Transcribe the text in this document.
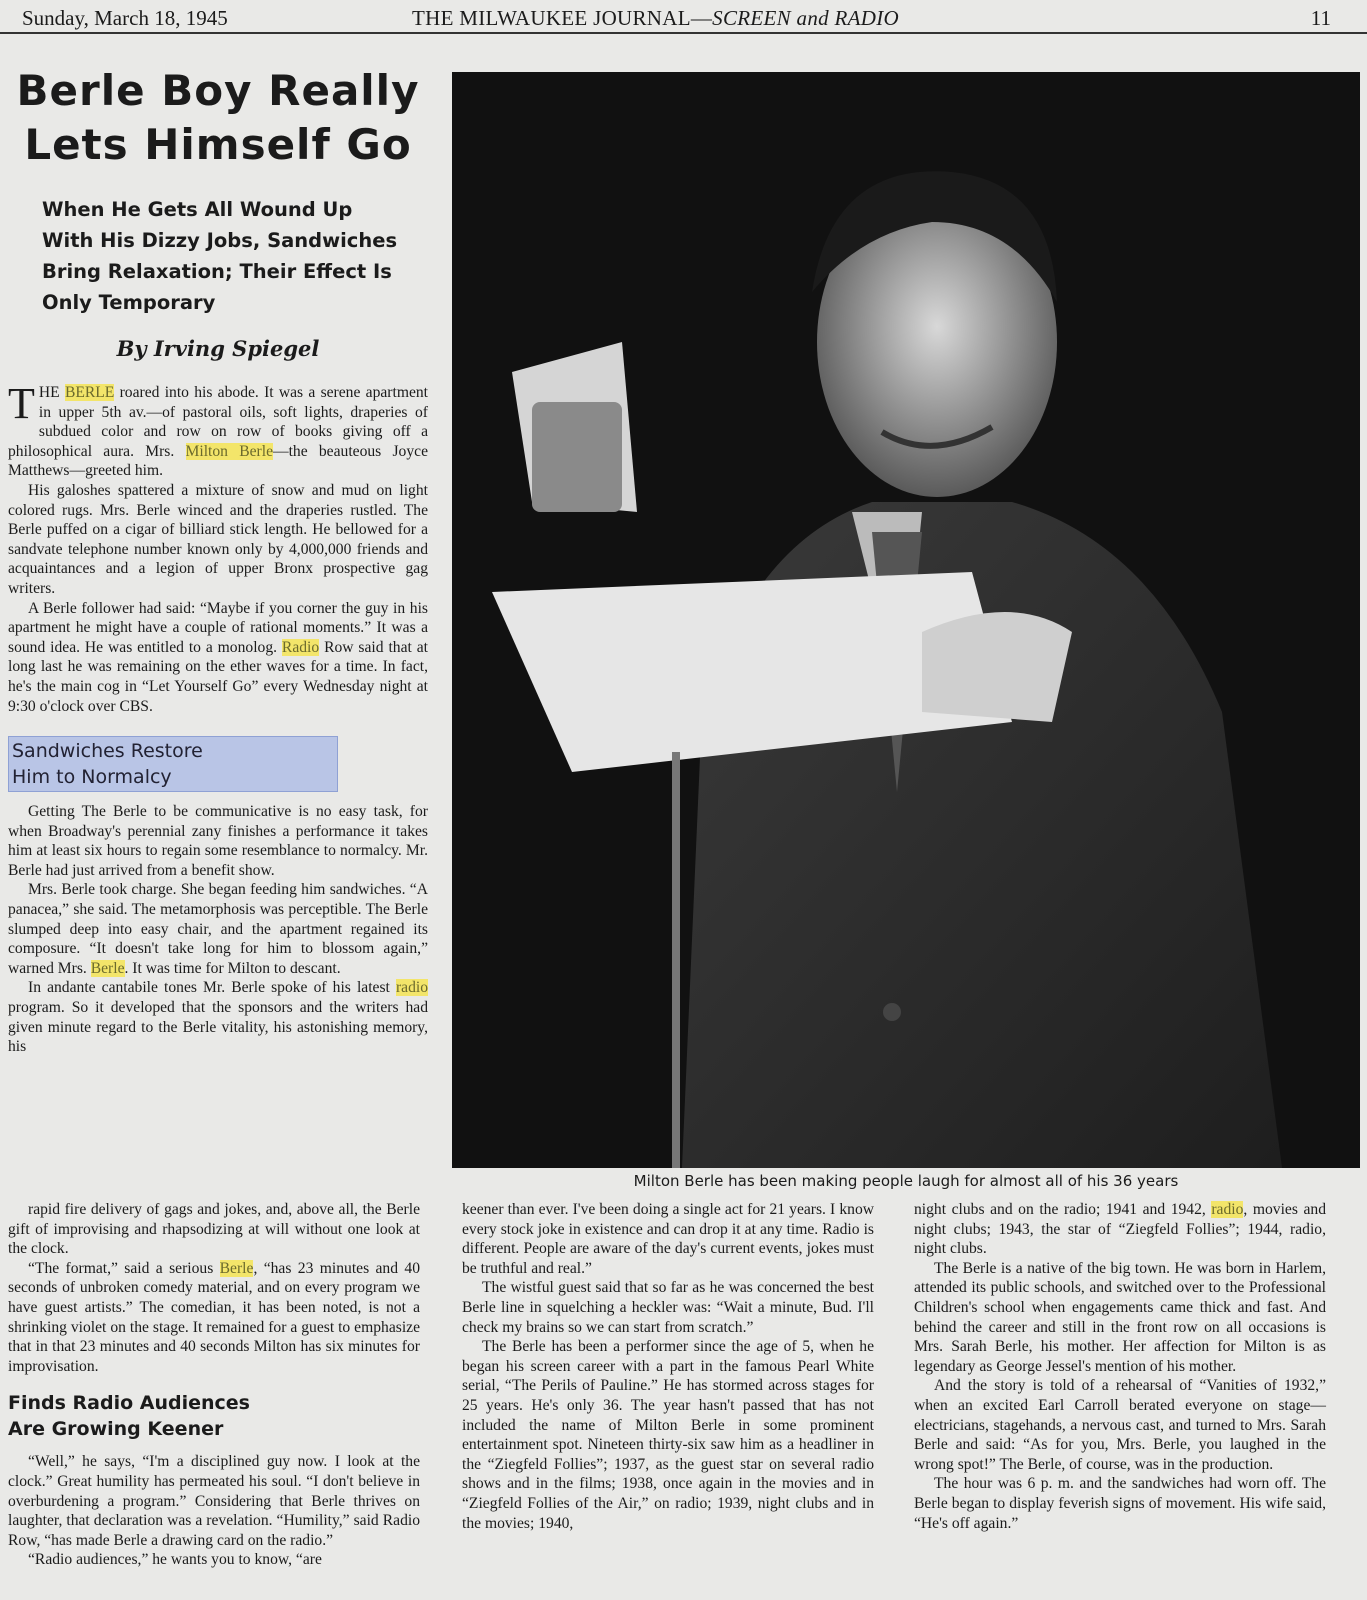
Sunday, March 18, 1945	THE MILWAUKEE JOURNAL—SCREEN and RADIO	11
Berle Boy Really
Lets Himself Go
When He Gets All Wound Up With His Dizzy Jobs, Sandwiches Bring Relaxation; Their Effect Is Only Temporary
By Irving Spiegel

THE BERLE roared into his abode. It was a serene apartment in upper 5th av.—of pastoral oils, soft lights, draperies of subdued color and row on row of books giving off a philosophical aura. Mrs. Milton Berle—the beauteous Joyce Matthews—greeted him.

His galoshes spattered a mixture of snow and mud on light colored rugs. Mrs. Berle winced and the draperies rustled. The Berle puffed on a cigar of billiard stick length. He bellowed for a sandvate telephone number known only by 4,000,000 friends and acquaintances and a legion of upper Bronx prospective gag writers.

A Berle follower had said: “Maybe if you corner the guy in his apartment he might have a couple of rational moments.” It was a sound idea. He was entitled to a monolog. Radio Row said that at long last he was remaining on the ether waves for a time. In fact, he's the main cog in “Let Yourself Go” every Wednesday night at 9:30 o'clock over CBS.

Sandwiches Restore
Him to Normalcy

Getting The Berle to be communicative is no easy task, for when Broadway's perennial zany finishes a performance it takes him at least six hours to regain some resemblance to normalcy. Mr. Berle had just arrived from a benefit show.

Mrs. Berle took charge. She began feeding him sandwiches. “A panacea,” she said. The metamorphosis was perceptible. The Berle slumped deep into easy chair, and the apartment regained its composure. “It doesn't take long for him to blossom again,” warned Mrs. Berle. It was time for Milton to descant.

In andante cantabile tones Mr. Berle spoke of his latest radio program. So it developed that the sponsors and the writers had given minute regard to the Berle vitality, his astonishing memory, his

Milton Berle has been making people laugh for almost all of his 36 years

rapid fire delivery of gags and jokes, and, above all, the Berle gift of improvising and rhapsodizing at will without one look at the clock.

“The format,” said a serious Berle, “has 23 minutes and 40 seconds of unbroken comedy material, and on every program we have guest artists.” The comedian, it has been noted, is not a shrinking violet on the stage. It remained for a guest to emphasize that in that 23 minutes and 40 seconds Milton has six minutes for improvisation.

Finds Radio Audiences
Are Growing Keener

“Well,” he says, “I'm a disciplined guy now. I look at the clock.” Great humility has permeated his soul. “I don't believe in overburdening a program.” Considering that Berle thrives on laughter, that declaration was a revelation. “Humility,” said Radio Row, “has made Berle a drawing card on the radio.”

“Radio audiences,” he wants you to know, “are

keener than ever. I've been doing a single act for 21 years. I know every stock joke in existence and can drop it at any time. Radio is different. People are aware of the day's current events, jokes must be truthful and real.”

The wistful guest said that so far as he was concerned the best Berle line in squelching a heckler was: “Wait a minute, Bud. I'll check my brains so we can start from scratch.”

The Berle has been a performer since the age of 5, when he began his screen career with a part in the famous Pearl White serial, “The Perils of Pauline.” He has stormed across stages for 25 years. He's only 36. The year hasn't passed that has not included the name of Milton Berle in some prominent entertainment spot. Nineteen thirty-six saw him as a headliner in the “Ziegfeld Follies”; 1937, as the guest star on several radio shows and in the films; 1938, once again in the movies and in “Ziegfeld Follies of the Air,” on radio; 1939, night clubs and in the movies; 1940,

night clubs and on the radio; 1941 and 1942, radio, movies and night clubs; 1943, the star of “Ziegfeld Follies”; 1944, radio, night clubs.

The Berle is a native of the big town. He was born in Harlem, attended its public schools, and switched over to the Professional Children's school when engagements came thick and fast. And behind the career and still in the front row on all occasions is Mrs. Sarah Berle, his mother. Her affection for Milton is as legendary as George Jessel's mention of his mother.

And the story is told of a rehearsal of “Vanities of 1932,” when an excited Earl Carroll berated everyone on stage—electricians, stagehands, a nervous cast, and turned to Mrs. Sarah Berle and said: “As for you, Mrs. Berle, you laughed in the wrong spot!” The Berle, of course, was in the production.

The hour was 6 p. m. and the sandwiches had worn off. The Berle began to display feverish signs of movement. His wife said, “He's off again.”
